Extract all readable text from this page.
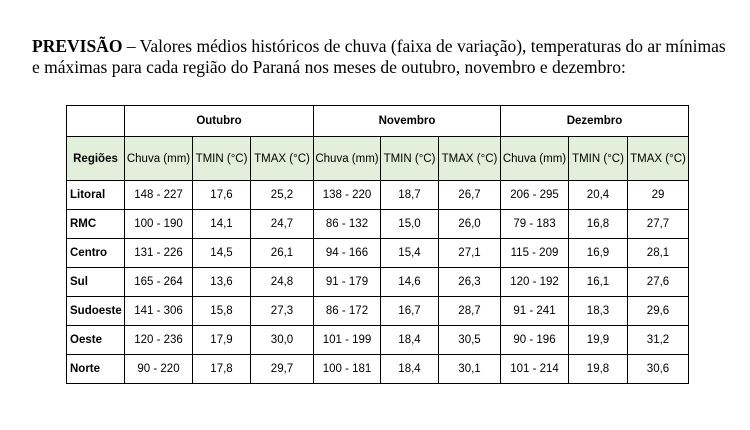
PREVISÃO – Valores médios históricos de chuva (faixa de variação), temperaturas do ar mínimas e máximas para cada região do Paraná nos meses de outubro, novembro e dezembro:
	Outubro			Novembro			Dezembro		
Regiões	Chuva (mm)	TMIN (°C)	TMAX (°C)	Chuva (mm)	TMIN (°C)	TMAX (°C)	Chuva (mm)	TMIN (°C)	TMAX (°C)
Litoral	148 - 227	17,6	25,2	138 - 220	18,7	26,7	206 - 295	20,4	29
RMC	100 - 190	14,1	24,7	86 - 132	15,0	26,0	79 - 183	16,8	27,7
Centro	131 - 226	14,5	26,1	94 - 166	15,4	27,1	115 - 209	16,9	28,1
Sul	165 - 264	13,6	24,8	91 - 179	14,6	26,3	120 - 192	16,1	27,6
Sudoeste	141 - 306	15,8	27,3	86 - 172	16,7	28,7	91 - 241	18,3	29,6
Oeste	120 - 236	17,9	30,0	101 - 199	18,4	30,5	90 - 196	19,9	31,2
Norte	90 - 220	17,8	29,7	100 - 181	18,4	30,1	101 - 214	19,8	30,6
